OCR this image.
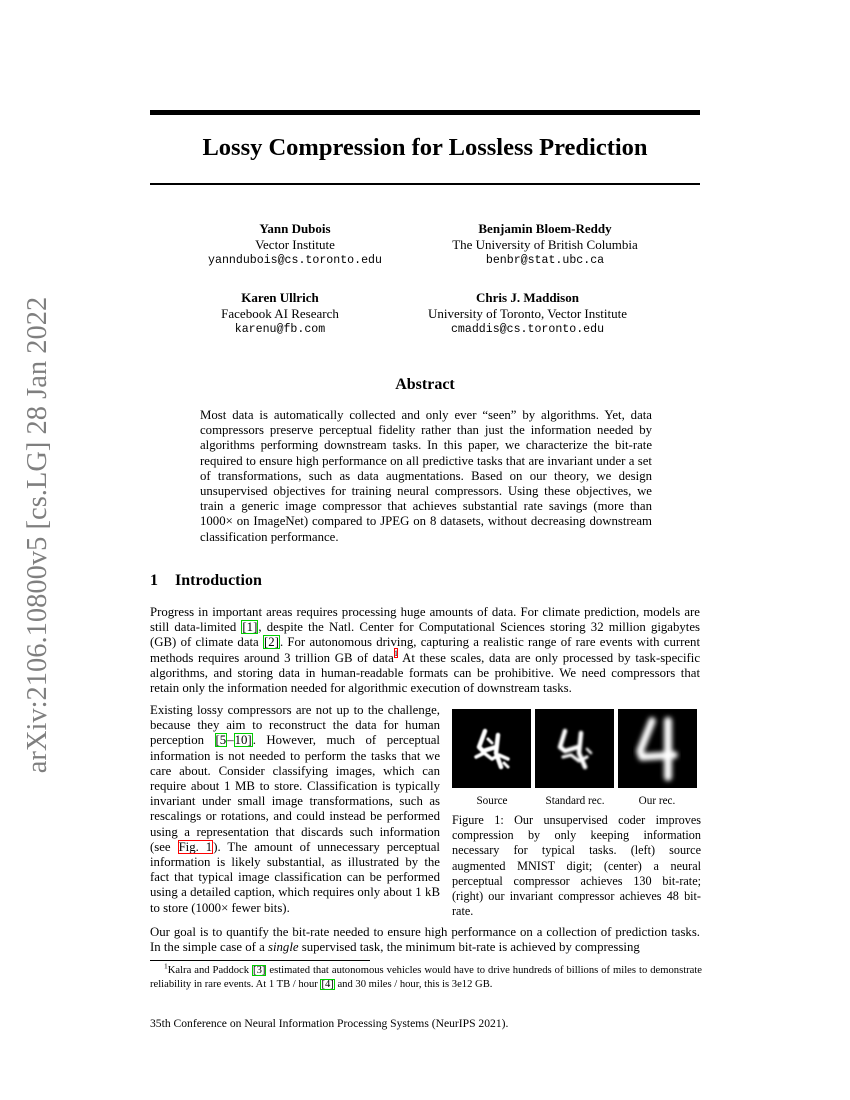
arXiv:2106.10800v5 [cs.LG] 28 Jan 2022
Lossy Compression for Lossless Prediction
Yann Dubois
Vector Institute
yanndubois@cs.toronto.edu
Benjamin Bloem-Reddy
The University of British Columbia
benbr@stat.ubc.ca
Karen Ullrich
Facebook AI Research
karenu@fb.com
Chris J. Maddison
University of Toronto, Vector Institute
cmaddis@cs.toronto.edu
Abstract
Most data is automatically collected and only ever “seen” by algorithms. Yet, data compressors preserve perceptual fidelity rather than just the information needed by algorithms performing downstream tasks. In this paper, we characterize the bit-rate required to ensure high performance on all predictive tasks that are invariant under a set of transformations, such as data augmentations. Based on our theory, we design unsupervised objectives for training neural compressors. Using these objectives, we train a generic image compressor that achieves substantial rate savings (more than 1000× on ImageNet) compared to JPEG on 8 datasets, without decreasing downstream classification performance.
1 Introduction
Progress in important areas requires processing huge amounts of data. For climate prediction, models are still data-limited [1], despite the Natl. Center for Computational Sciences storing 32 million gigabytes (GB) of climate data [2]. For autonomous driving, capturing a realistic range of rare events with current methods requires around 3 trillion GB of data$^1$ At these scales, data are only processed by task-specific algorithms, and storing data in human-readable formats can be prohibitive. We need compressors that retain only the information needed for algorithmic execution of downstream tasks.
Existing lossy compressors are not up to the challenge, because they aim to reconstruct the data for human perception [5–10]. However, much of perceptual information is not needed to perform the tasks that we care about. Consider classifying images, which can require about 1 MB to store. Classification is typically invariant under small image transformations, such as rescalings or rotations, and could instead be performed using a representation that discards such information (see Fig. 1). The amount of unnecessary perceptual information is likely substantial, as illustrated by the fact that typical image classification can be performed using a detailed caption, which requires only about 1 kB to store (1000× fewer bits).
Source	Standard rec.	Our rec.
Figure 1: Our unsupervised coder improves compression by only keeping information necessary for typical tasks. (left) source augmented MNIST digit; (center) a neural perceptual compressor achieves 130 bit-rate; (right) our invariant compressor achieves 48 bit-rate.
Our goal is to quantify the bit-rate needed to ensure high performance on a collection of prediction tasks. In the simple case of a single supervised task, the minimum bit-rate is achieved by compressing
$^1$Kalra and Paddock [3] estimated that autonomous vehicles would have to drive hundreds of billions of miles to demonstrate reliability in rare events. At 1 TB / hour [4] and 30 miles / hour, this is 3e12 GB.
35th Conference on Neural Information Processing Systems (NeurIPS 2021).
